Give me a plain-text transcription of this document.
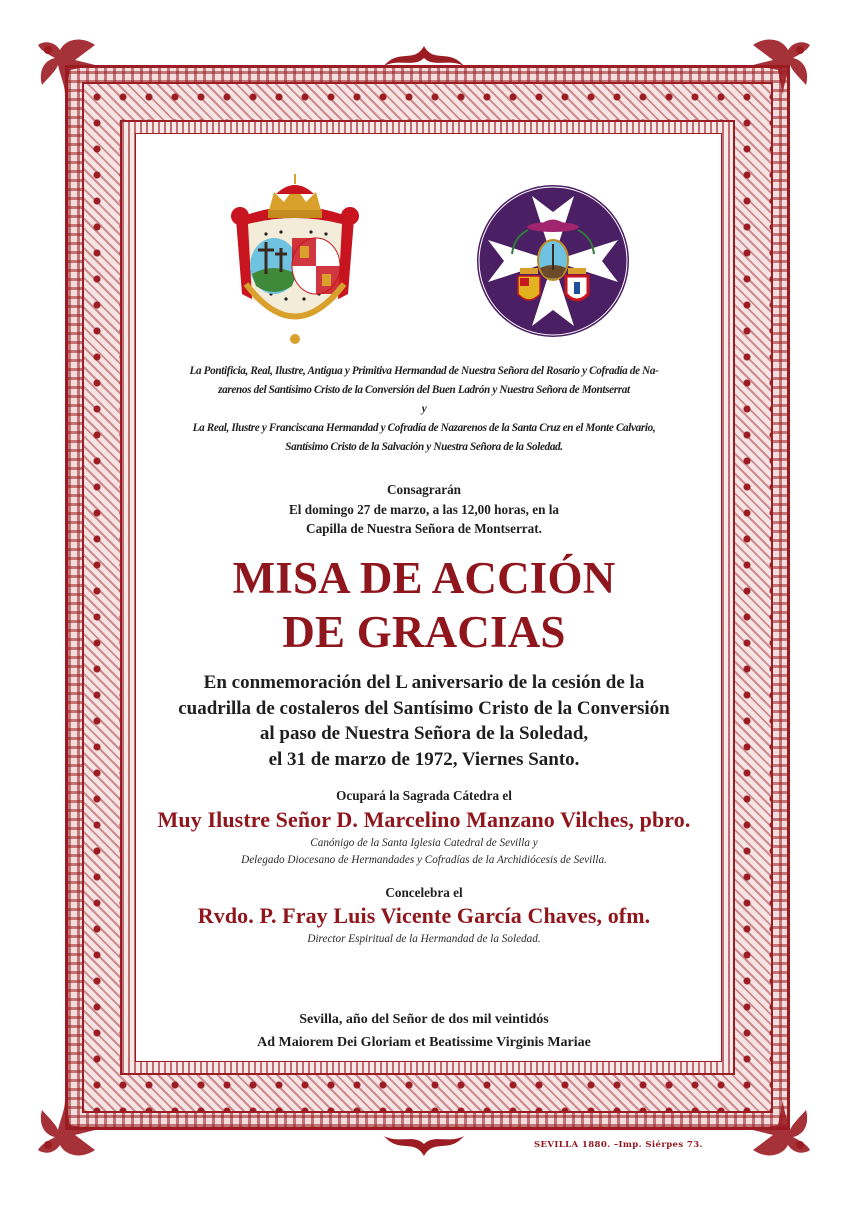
La Pontificia, Real, Ilustre, Antigua y Primitiva Hermandad de Nuestra Señora del Rosario y Cofradía de Na-
zarenos del Santísimo Cristo de la Conversión del Buen Ladrón y Nuestra Señora de Montserrat
y
La Real, Ilustre y Franciscana Hermandad y Cofradía de Nazarenos de la Santa Cruz en el Monte Calvario,
Santísimo Cristo de la Salvación y Nuestra Señora de la Soledad.
Consagrarán
El domingo 27 de marzo, a las 12,00 horas, en la
Capilla de Nuestra Señora de Montserrat.
MISA DE ACCIÓN
DE GRACIAS
En conmemoración del L aniversario de la cesión de la
cuadrilla de costaleros del Santísimo Cristo de la Conversión
al paso de Nuestra Señora de la Soledad,
el 31 de marzo de 1972, Viernes Santo.
Ocupará la Sagrada Cátedra el
Muy Ilustre Señor D. Marcelino Manzano Vilches, pbro.
Canónigo de la Santa Iglesia Catedral de Sevilla y
Delegado Diocesano de Hermandades y Cofradías de la Archidiócesis de Sevilla.
Concelebra el
Rvdo. P. Fray Luis Vicente García Chaves, ofm.
Director Espiritual de la Hermandad de la Soledad.
Sevilla, año del Señor de dos mil veintidós
Ad Maiorem Dei Gloriam et Beatissime Virginis Mariae
SEVILLA 1880. –Imp. Siérpes 73.
